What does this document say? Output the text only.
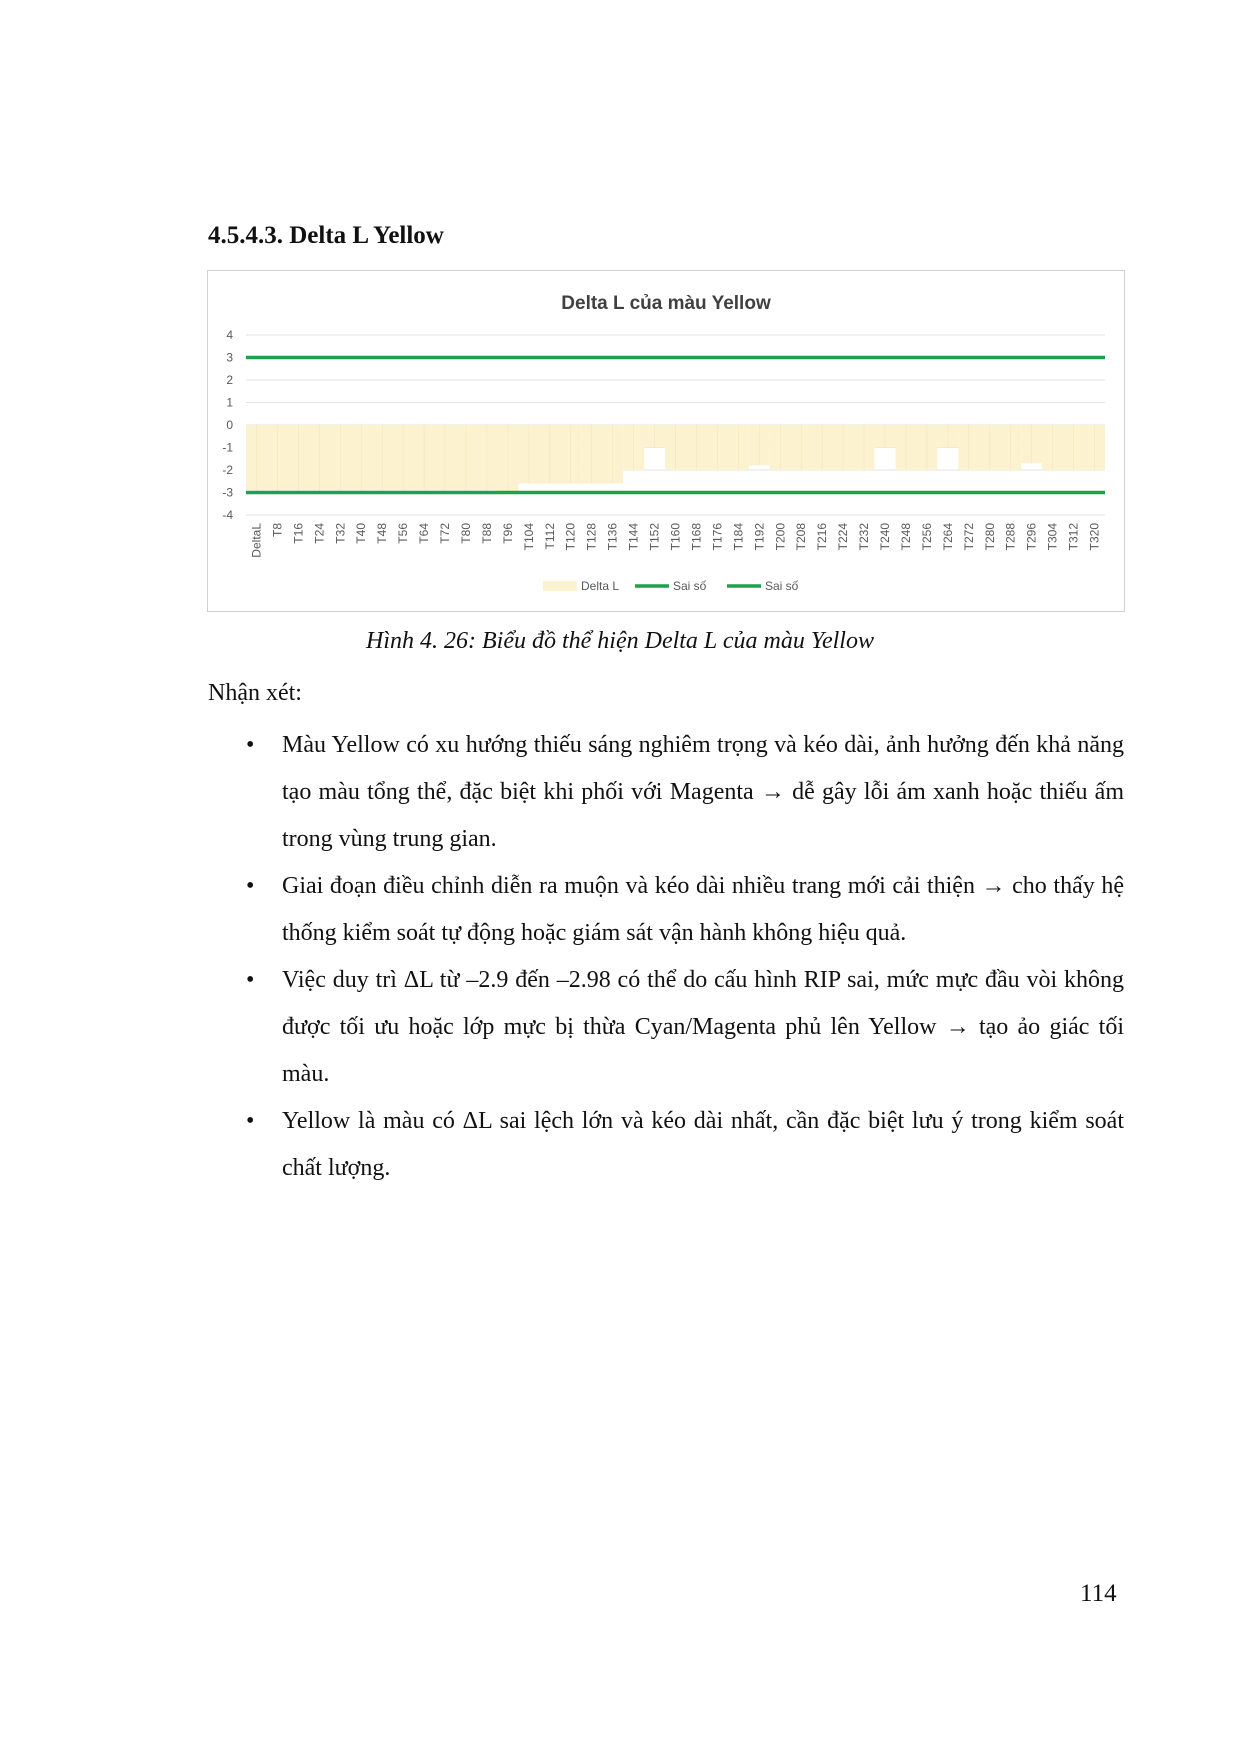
4.5.4.3. Delta L Yellow
Delta L của màu Yellow
4
3
2
1
0
-1
-2
-3
-4
DeltaL T8 T16 T24 T32 T40 T48 T56 T64 T72 T80 T88 T96 T104 T112 T120 T128 T136 T144 T152 T160 T168 T176 T184 T192 T200 T208 T216 T224 T232 T240 T248 T256 T264 T272 T280 T288 T296 T304 T312 T320
Delta L	Sai số	Sai số
Hình 4. 26: Biểu đồ thể hiện Delta L của màu Yellow
Nhận xét:
• Màu Yellow có xu hướng thiếu sáng nghiêm trọng và kéo dài, ảnh hưởng đến khả năng tạo màu tổng thể, đặc biệt khi phối với Magenta → dễ gây lỗi ám xanh hoặc thiếu ấm trong vùng trung gian.
• Giai đoạn điều chỉnh diễn ra muộn và kéo dài nhiều trang mới cải thiện → cho thấy hệ thống kiểm soát tự động hoặc giám sát vận hành không hiệu quả.
• Việc duy trì ΔL từ –2.9 đến –2.98 có thể do cấu hình RIP sai, mức mực đầu vòi không được tối ưu hoặc lớp mực bị thừa Cyan/Magenta phủ lên Yellow → tạo ảo giác tối màu.
• Yellow là màu có ΔL sai lệch lớn và kéo dài nhất, cần đặc biệt lưu ý trong kiểm soát chất lượng.
114
